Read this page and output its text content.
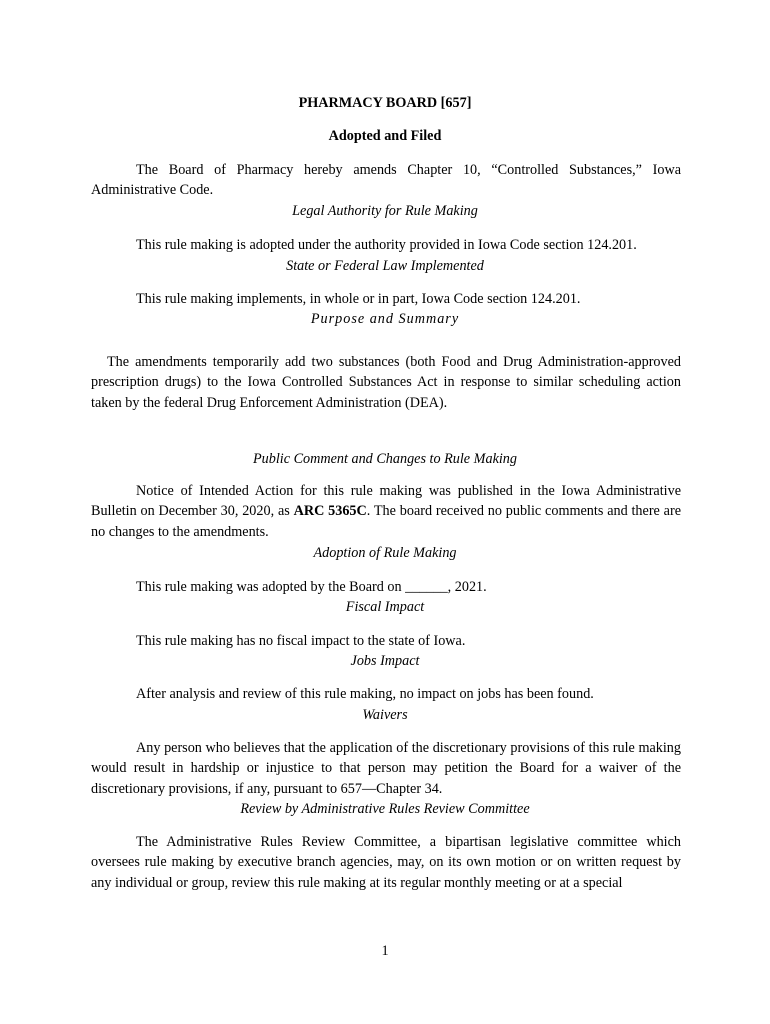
PHARMACY BOARD [657]

Adopted and Filed

The Board of Pharmacy hereby amends Chapter 10, “Controlled Substances,” Iowa Administrative Code.

Legal Authority for Rule Making

This rule making is adopted under the authority provided in Iowa Code section 124.201.

State or Federal Law Implemented

This rule making implements, in whole or in part, Iowa Code section 124.201.

Purpose and Summary

The amendments temporarily add two substances (both Food and Drug Administration-approved prescription drugs) to the Iowa Controlled Substances Act in response to similar scheduling action taken by the federal Drug Enforcement Administration (DEA).

Public Comment and Changes to Rule Making

Notice of Intended Action for this rule making was published in the Iowa Administrative Bulletin on December 30, 2020, as ARC 5365C. The board received no public comments and there are no changes to the amendments.

Adoption of Rule Making

This rule making was adopted by the Board on ______, 2021.

Fiscal Impact

This rule making has no fiscal impact to the state of Iowa.

Jobs Impact

After analysis and review of this rule making, no impact on jobs has been found.

Waivers

Any person who believes that the application of the discretionary provisions of this rule making would result in hardship or injustice to that person may petition the Board for a waiver of the discretionary provisions, if any, pursuant to 657—Chapter 34.

Review by Administrative Rules Review Committee

The Administrative Rules Review Committee, a bipartisan legislative committee which oversees rule making by executive branch agencies, may, on its own motion or on written request by any individual or group, review this rule making at its regular monthly meeting or at a special

1
